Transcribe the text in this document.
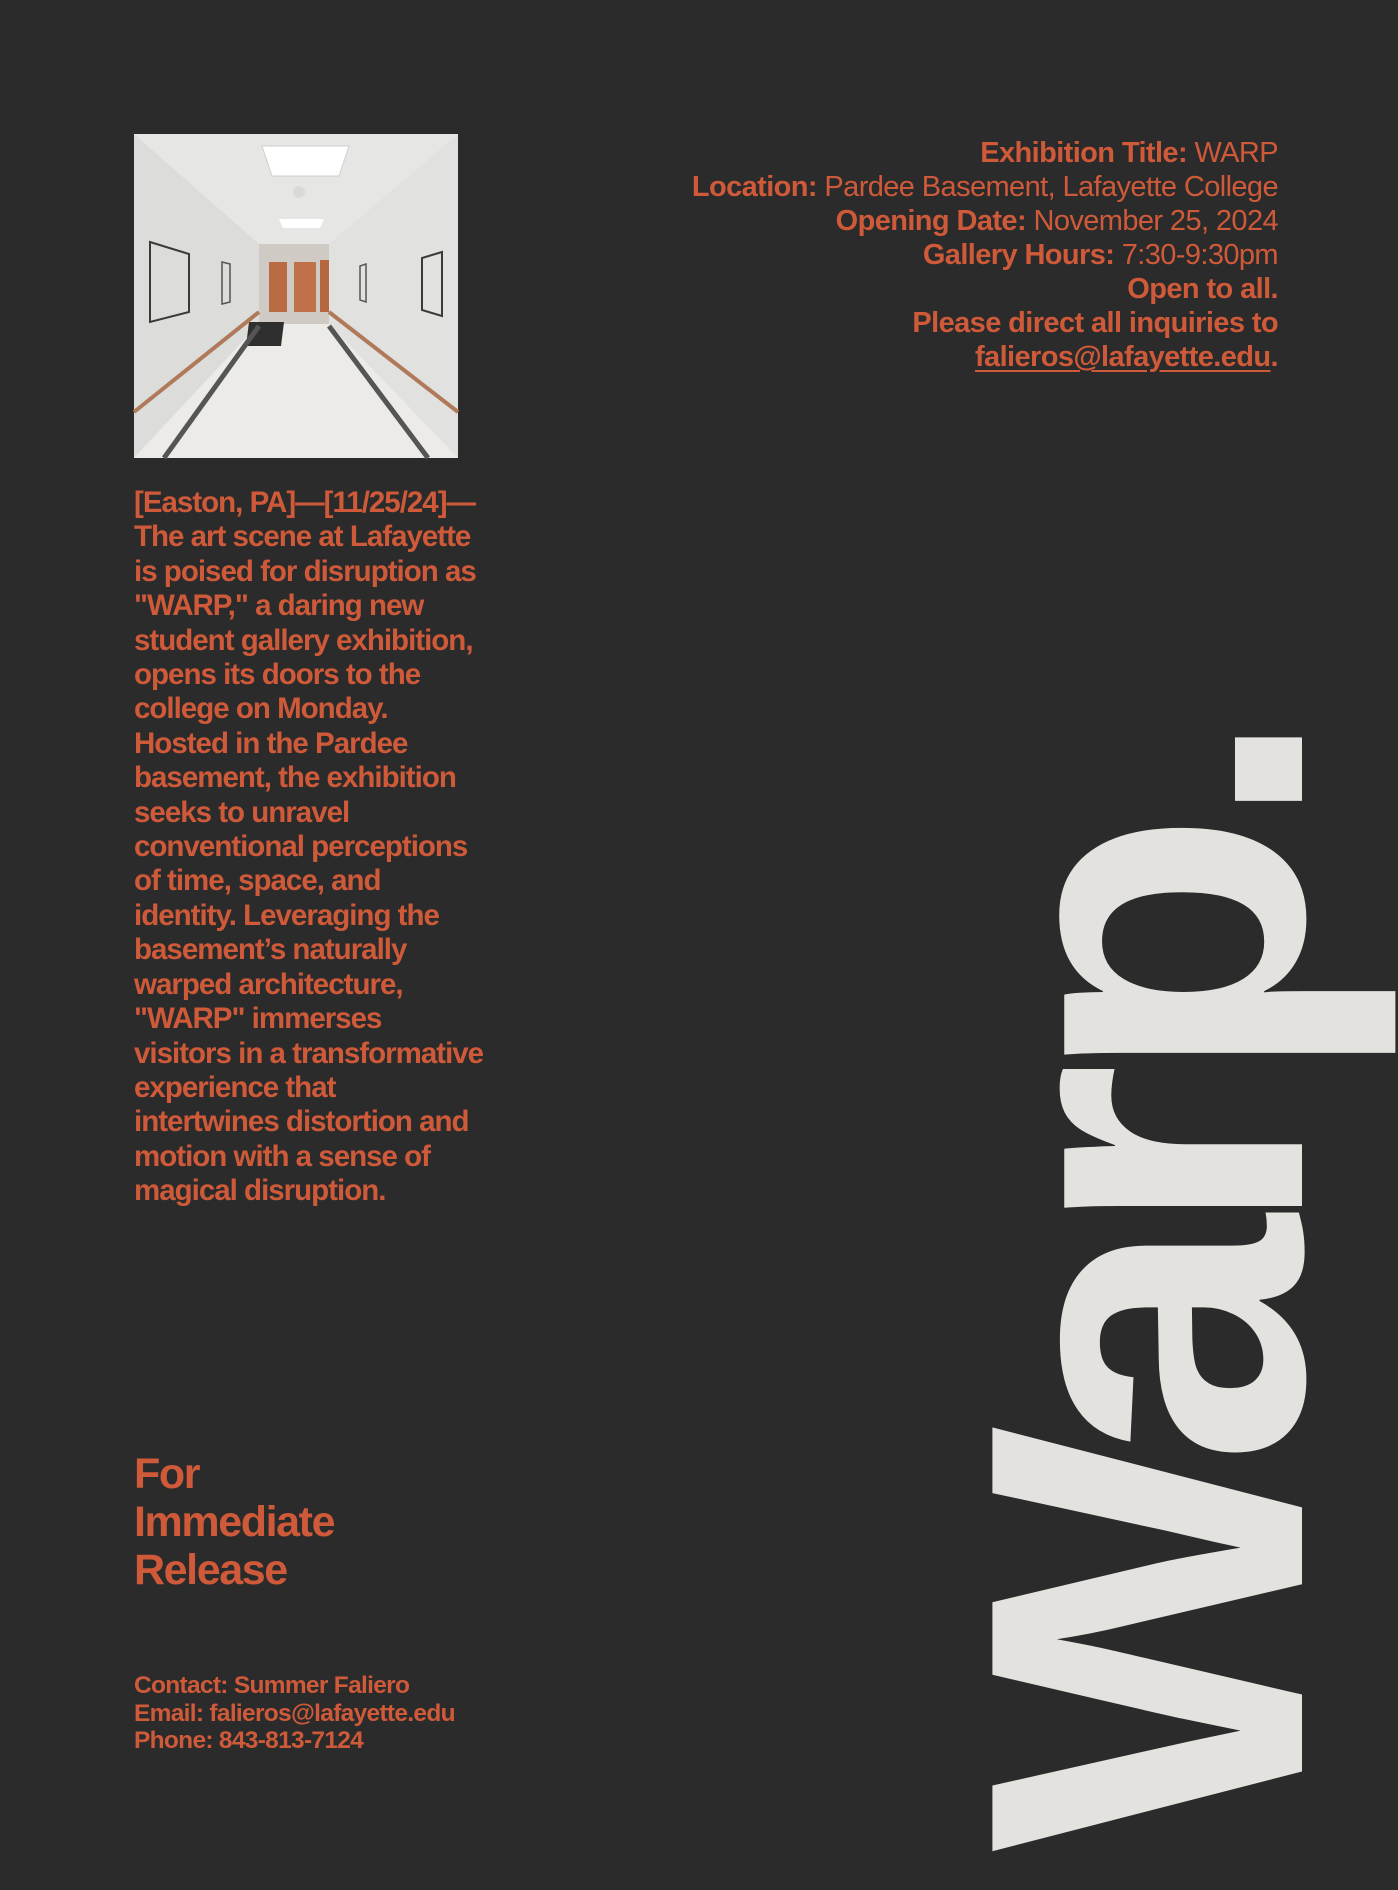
Exhibition Title: WARP
Location: Pardee Basement, Lafayette College
Opening Date: November 25, 2024
Gallery Hours: 7:30-9:30pm
Open to all.
Please direct all inquiries to
falieros@lafayette.edu.

[Easton, PA]—[11/25/24]—The art scene at Lafayette is poised for disruption as "WARP," a daring new student gallery exhibition, opens its doors to the college on Monday. Hosted in the Pardee basement, the exhibition seeks to unravel conventional perceptions of time, space, and identity. Leveraging the basement’s naturally warped architecture, "WARP" immerses visitors in a transformative experience that intertwines distortion and motion with a sense of magical disruption.

For
Immediate
Release
Contact: Summer Faliero
Email: falieros@lafayette.edu
Phone: 843-813-7124	Warp.
